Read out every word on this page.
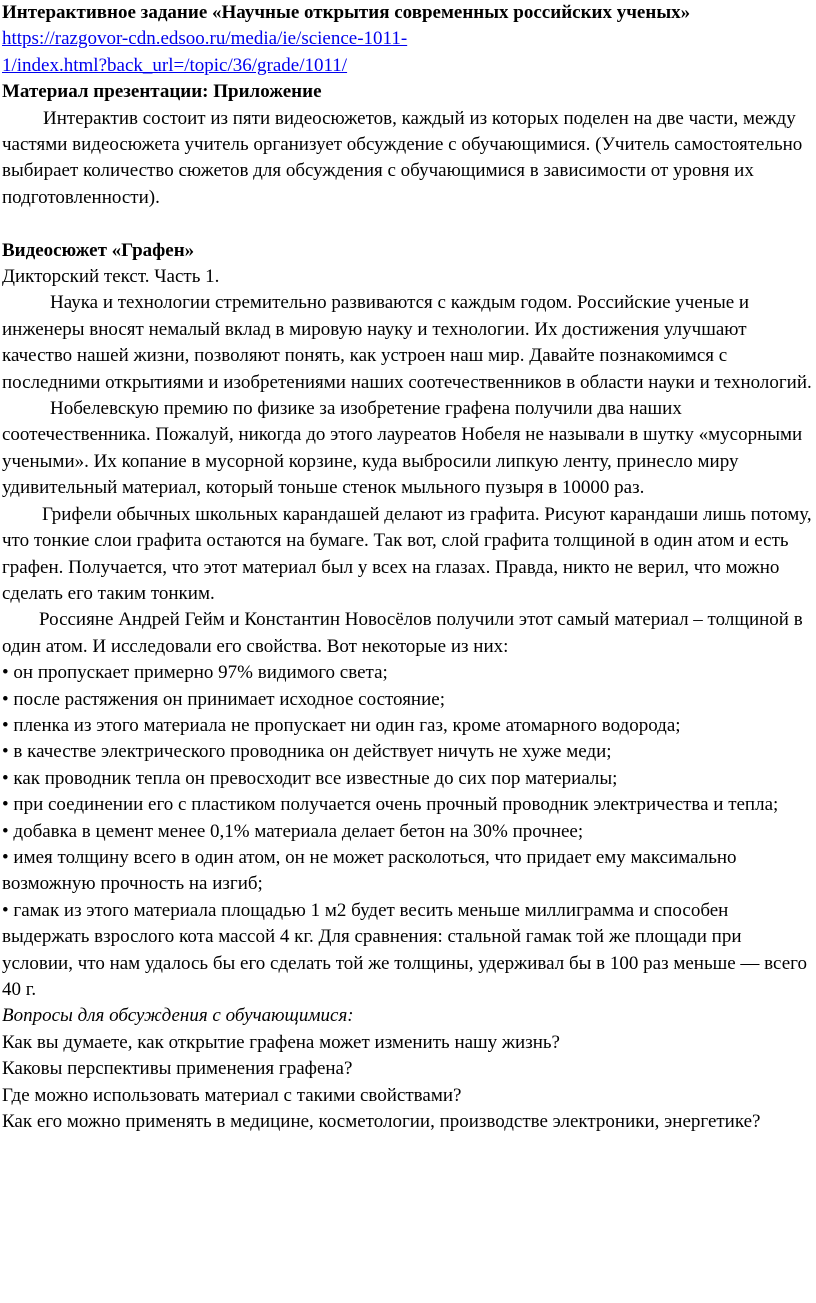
Интерактивное задание «Научные открытия современных российских ученых»

https://razgovor-cdn.edsoo.ru/media/ie/science-1011-
1/index.html?back_url=/topic/36/grade/1011/

Материал презентации: Приложение

Интерактив состоит из пяти видеосюжетов, каждый из которых поделен на две части, между частями видеосюжета учитель организует обсуждение с обучающимися. (Учитель самостоятельно выбирает количество сюжетов для обсуждения с обучающимися в зависимости от уровня их подготовленности).

Видеосюжет «Графен»

Дикторский текст. Часть 1.

Наука и технологии стремительно развиваются с каждым годом. Российские ученые и инженеры вносят немалый вклад в мировую науку и технологии. Их достижения улучшают качество нашей жизни, позволяют понять, как устроен наш мир. Давайте познакомимся с последними открытиями и изобретениями наших соотечественников в области науки и технологий.

Нобелевскую премию по физике за изобретение графена получили два наших соотечественника. Пожалуй, никогда до этого лауреатов Нобеля не называли в шутку «мусорными учеными». Их копание в мусорной корзине, куда выбросили липкую ленту, принесло миру удивительный материал, который тоньше стенок мыльного пузыря в 10000 раз.

Грифели обычных школьных карандашей делают из графита. Рисуют карандаши лишь потому, что тонкие слои графита остаются на бумаге. Так вот, слой графита толщиной в один атом и есть графен. Получается, что этот материал был у всех на глазах. Правда, никто не верил, что можно сделать его таким тонким.

Россияне Андрей Гейм и Константин Новосёлов получили этот самый материал – толщиной в один атом. И исследовали его свойства. Вот некоторые из них:

• он пропускает примерно 97% видимого света;
• после растяжения он принимает исходное состояние;
• пленка из этого материала не пропускает ни один газ, кроме атомарного водорода;
• в качестве электрического проводника он действует ничуть не хуже меди;
• как проводник тепла он превосходит все известные до сих пор материалы;
• при соединении его с пластиком получается очень прочный проводник электричества и тепла;
• добавка в цемент менее 0,1% материала делает бетон на 30% прочнее;
• имея толщину всего в один атом, он не может расколоться, что придает ему максимально возможную прочность на изгиб;
• гамак из этого материала площадью 1 м2 будет весить меньше миллиграмма и способен выдержать взрослого кота массой 4 кг. Для сравнения: стальной гамак той же площади при условии, что нам удалось бы его сделать той же толщины, удерживал бы в 100 раз меньше — всего 40 г.

Вопросы для обсуждения с обучающимися:

Как вы думаете, как открытие графена может изменить нашу жизнь?

Каковы перспективы применения графена?

Где можно использовать материал с такими свойствами?

Как его можно применять в медицине, косметологии, производстве электроники, энергетике?
